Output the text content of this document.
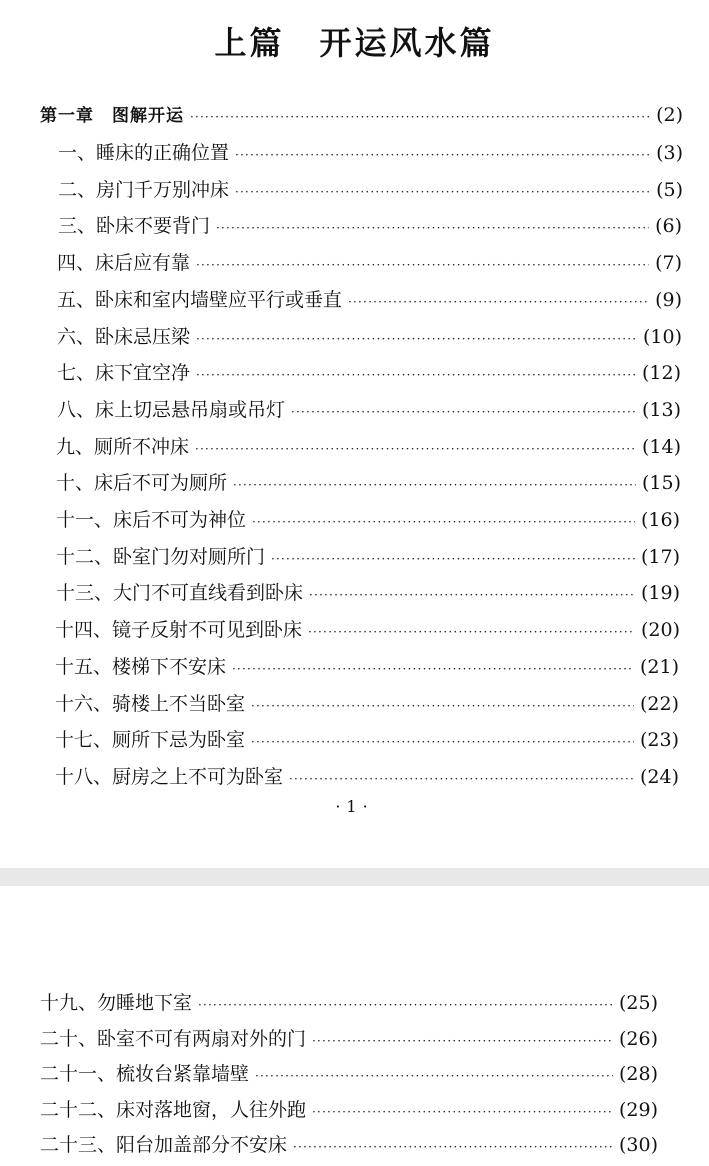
上篇　开运风水篇
第一章　图解开运 ·····	(2)
一、睡床的正确位置 ·····	(3)
二、房门千万别冲床 ·····	(5)
三、卧床不要背门 ·····	(6)
四、床后应有靠 ·····	(7)
五、卧床和室内墙壁应平行或垂直 ·····	(9)
六、卧床忌压梁 ·····	(10)
七、床下宜空净 ·····	(12)
八、床上切忌悬吊扇或吊灯 ·····	(13)
九、厕所不冲床 ·····	(14)
十、床后不可为厕所 ·····	(15)
十一、床后不可为神位 ·····	(16)
十二、卧室门勿对厕所门 ·····	(17)
十三、大门不可直线看到卧床 ·····	(19)
十四、镜子反射不可见到卧床 ·····	(20)
十五、楼梯下不安床 ·····	(21)
十六、骑楼上不当卧室 ·····	(22)
十七、厕所下忌为卧室 ·····	(23)
十八、厨房之上不可为卧室 ·····	(24)
·1·
十九、勿睡地下室 ·····	(25)
二十、卧室不可有两扇对外的门 ·····	(26)
二十一、梳妆台紧靠墙壁 ·····	(28)
二十二、床对落地窗，人往外跑 ·····	(29)
二十三、阳台加盖部分不安床 ·····	(30)
